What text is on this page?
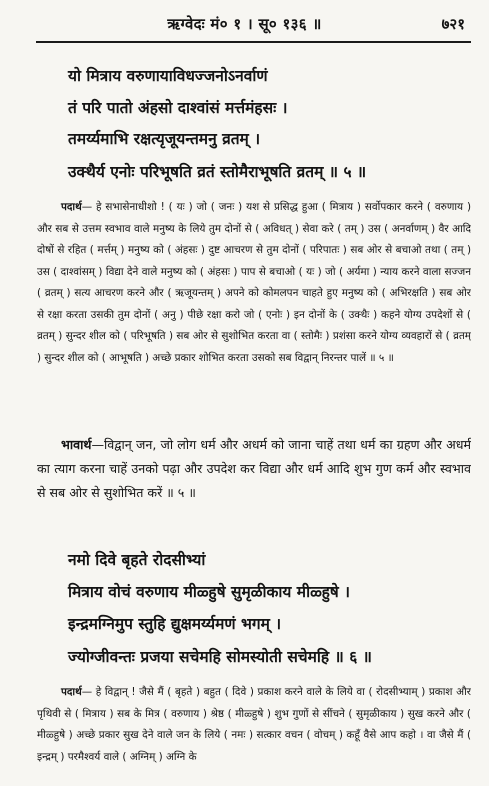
ऋग्वेदः मं० १ । सू० १३६ ॥	७२१
यो मित्राय वरुणायाविधज्जनोऽनर्वाणं
तं परि पातो अंहसो दाश्वांसं मर्त्तमंहसः ।
तमर्य्यमाभि रक्षत्यृजूयन्तमनु व्रतम् ।
उक्थैर्य एनोः परिभूषति व्रतं स्तोमैराभूषति व्रतम् ॥ ५ ॥
पदार्थ— हे सभासेनाधीशो ! ( यः ) जो ( जनः ) यश से प्रसिद्ध हुआ ( मित्राय ) सर्वोपकार करने ( वरुणाय ) और सब से उत्तम स्वभाव वाले मनुष्य के लिये तुम दोनों से ( अविधत् ) सेवा करे ( तम् ) उस ( अनर्वाणम् ) वैर आदि दोषों से रहित ( मर्त्तम् ) मनुष्य को ( अंहसः ) दुष्ट आचरण से तुम दोनों ( परिपातः ) सब ओर से बचाओ तथा ( तम् ) उस ( दाश्वांसम् ) विद्या देने वाले मनुष्य को ( अंहसः ) पाप से बचाओ ( यः ) जो ( अर्यमा ) न्याय करने वाला सज्जन ( व्रतम् ) सत्य आचरण करने और ( ऋजूयन्तम् ) अपने को कोमलपन चाहते हुए मनुष्य को ( अभिरक्षति ) सब ओर से रक्षा करता उसकी तुम दोनों ( अनु ) पीछे रक्षा करो जो ( एनोः ) इन दोनों के ( उक्थैः ) कहने योग्य उपदेशों से ( व्रतम् ) सुन्दर शील को ( परिभूषति ) सब ओर से सुशोभित करता वा ( स्तोमैः ) प्रशंसा करने योग्य व्यवहारों से ( व्रतम् ) सुन्दर शील को ( आभूषति ) अच्छे प्रकार शोभित करता उसको सब विद्वान् निरन्तर पालें ॥ ५ ॥
भावार्थ—विद्वान् जन, जो लोग धर्म और अधर्म को जाना चाहें तथा धर्म का ग्रहण और अधर्म का त्याग करना चाहें उनको पढ़ा और उपदेश कर विद्या और धर्म आदि शुभ गुण कर्म और स्वभाव से सब ओर से सुशोभित करें ॥ ५ ॥
नमो दिवे बृहते रोदसीभ्यां
मित्राय वोचं वरुणाय मीळ्हुषे सुमृळीकाय मीळ्हुषे ।
इन्द्रमग्निमुप स्तुहि द्युक्षमर्य्यमणं भगम् ।
ज्योग्जीवन्तः प्रजया सचेमहि सोमस्योती सचेमहि ॥ ६ ॥
पदार्थ— हे विद्वान् ! जैसे मैं ( बृहते ) बहुत ( दिवे ) प्रकाश करने वाले के लिये वा ( रोदसीभ्याम् ) प्रकाश और पृथिवी से ( मित्राय ) सब के मित्र ( वरुणाय ) श्रेष्ठ ( मीळ्हुषे ) शुभ गुणों से सींचने ( सुमृळीकाय ) सुख करने और ( मीळ्हुषे ) अच्छे प्रकार सुख देने वाले जन के लिये ( नमः ) सत्कार वचन ( वोचम् ) कहूँ वैसे आप कहो । वा जैसे मैं ( इन्द्रम् ) परमैश्वर्य वाले ( अग्निम् ) अग्नि के
